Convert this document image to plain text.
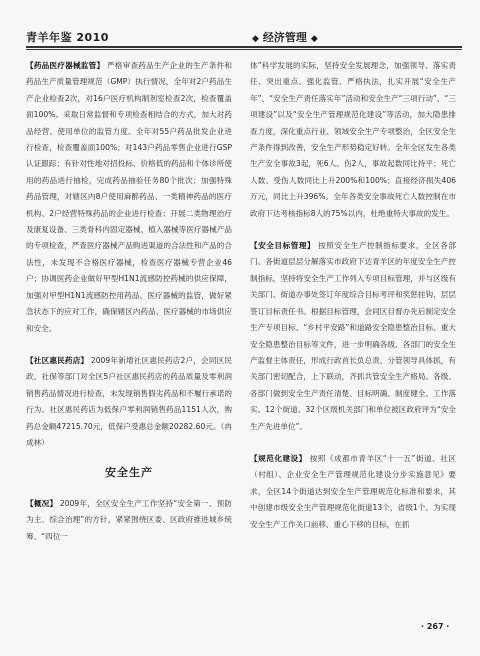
青羊年鉴 2010	◆ 经济管理 ◆

【药品医疗器械监管】 严格审查药品生产企业的生产条件和药品生产质量管理规范（GMP）执行情况，全年对2户药品生产企业检查2次，对16户医疗机构制剂室检查2次，检查覆盖面100%。采取日常监督和专项检查相结合的方式，加大对药品经营、使用单位的监管力度。全年对55户药品批发企业进行检查，检查覆盖面100%；对143户药品零售企业进行GSP认证跟踪；有针对性地对招投标、价格低的药品和个体诊所使用的药品进行抽检，完成药品抽验任务80个批次；加强特殊药品管理，对辖区内8户使用麻醉药品、一类精神药品的医疗机构、2户经营特殊药品的企业进行检查；开展二类物理治疗及康复设备、三类骨科内固定器械、植入器械等医疗器械产品的专项检查，严查医疗器械产品购进渠道的合法性和产品的合法性，未发现不合格医疗器械，检查医疗器械专营企业46户；协调医药企业做好甲型H1N1流感防控药械的供应保障，加强对甲型H1N1流感防控用药品、医疗器械的监管，做好紧急状态下的应对工作，确保辖区内药品、医疗器械的市场供应和安全。

【社区惠民药店】 2009年新增社区惠民药店2户，会同区民政、社保等部门对全区5户社区惠民药店的药品质量及零利润销售药品情况进行检查，未发现销售假劣药品和不履行承诺的行为。社区惠民药店为低保户零利润销售药品1151人次，购药总金额47215.70元，低保户受惠总金额20282.60元。（冉成林）

安全生产

【概况】 2009年，全区安全生产工作坚持“安全第一、预防为主、综合治理”的方针，紧紧围绕区委、区政府推进城乡统筹、“四位一

体”科学发展的实际，坚持安全发展理念，加强领导、落实责任、突出重点、强化监管、严格执法，扎实开展“安全生产年”、“安全生产责任落实年”活动和安全生产“三项行动”、“三项建设”以及“安全生产管理规范化建设”等活动，加大隐患排查力度，深化重点行业、领域安全生产专项整治，全区安全生产条件得到改善，安全生产形势稳定好转。全年全区发生各类生产安全事故3起，死6人、伤2人，事故起数同比持平；死亡人数、受伤人数同比上升200%和100%；直接经济损失406万元，同比上升396%。全年各类安全事故死亡人数控制在市政府下达考核指标8人的75%以内，杜绝重特大事故的发生。

【安全目标管理】 按照安全生产控制指标要求，全区各部门、各街道层层分解落实市政府下达青羊区的年度安全生产控制指标，坚持将安全生产工作列入专项目标管理，并与区级有关部门、街道办事处签订年度综合目标考评和奖惩挂钩，层层签订目标责任书。根据目标管理，会同区目督办先后制定安全生产专项目标、“乡村平安路”和道路安全隐患整治目标、重大安全隐患整治目标等文件，进一步明确各级、各部门的安全生产监督主体责任，形成行政首长负总责，分管领导具体抓，有关部门密切配合，上下联动，齐抓共管安全生产格局。各级、各部门做到安全生产责任清楚、目标明确、制度健全、工作落实。12个街道、32个区级机关部门和单位被区政府评为“安全生产先进单位”。

【规范化建设】 按照《成都市青羊区“十一五”街道、社区（村组）、企业安全生产管理规范化建设分步实施意见》要求，全区14个街道达到安全生产管理规范化标准和要求，其中创建市级安全生产管理规范化街道13个，省级1个。为实现安全生产工作关口前移、重心下移的目标，在抓

· 267 ·
